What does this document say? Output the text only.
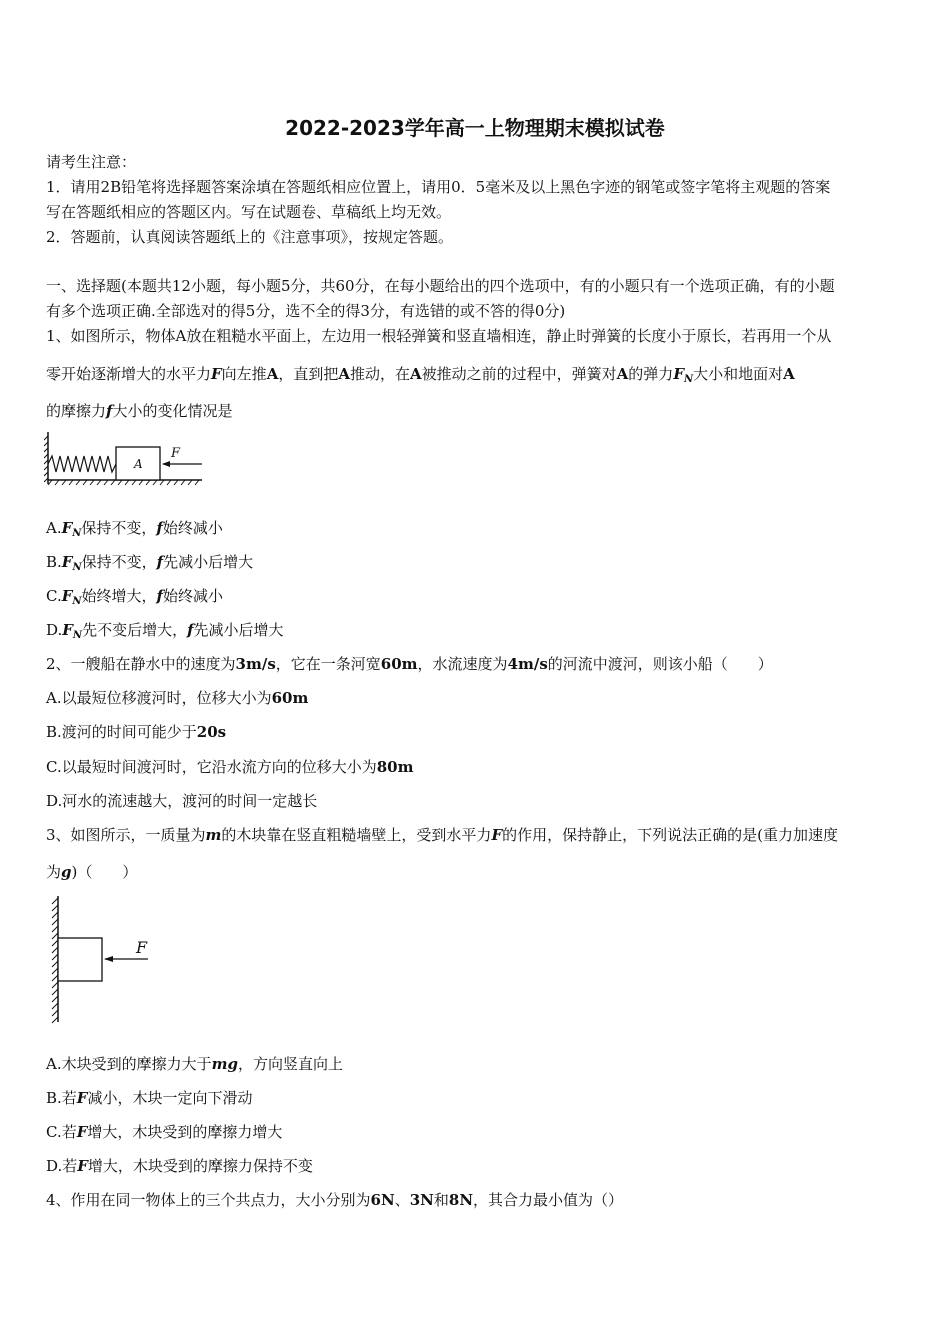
2022-2023学年高一上物理期末模拟试卷
请考生注意：
1．请用2B铅笔将选择题答案涂填在答题纸相应位置上，请用0．5毫米及以上黑色字迹的钢笔或签字笔将主观题的答案
写在答题纸相应的答题区内。写在试题卷、草稿纸上均无效。
2．答题前，认真阅读答题纸上的《注意事项》，按规定答题。
一、选择题(本题共12小题，每小题5分，共60分，在每小题给出的四个选项中，有的小题只有一个选项正确，有的小题
有多个选项正确.全部选对的得5分，选不全的得3分，有选错的或不答的得0分)
1、如图所示，物体A放在粗糙水平面上，左边用一根轻弹簧和竖直墙相连，静止时弹簧的长度小于原长，若再用一个从
零开始逐渐增大的水平力F向左推A，直到把A推动，在A被推动之前的过程中，弹簧对A的弹力$F_N$大小和地面对A
的摩擦力f大小的变化情况是
A
F
$A.F_N$保持不变，f始终减小
$B.F_N$保持不变，f先减小后增大
$C.F_N$始终增大，f始终减小
$D.F_N$先不变后增大，f先减小后增大
2、一艘船在静水中的速度为3m/s，它在一条河宽60m，水流速度为4m/s的河流中渡河，则该小船（　　）
A.以最短位移渡河时，位移大小为60m
B.渡河的时间可能少于20s
C.以最短时间渡河时，它沿水流方向的位移大小为80m
D.河水的流速越大，渡河的时间一定越长
3、如图所示，一质量为m的木块靠在竖直粗糙墙壁上，受到水平力F的作用，保持静止，下列说法正确的是(重力加速度
为g)（　　）
F
A.木块受到的摩擦力大于mg，方向竖直向上
B.若F减小，木块一定向下滑动
C.若F增大，木块受到的摩擦力增大
D.若F增大，木块受到的摩擦力保持不变
4、作用在同一物体上的三个共点力，大小分别为6N、3N和8N，其合力最小值为（）
